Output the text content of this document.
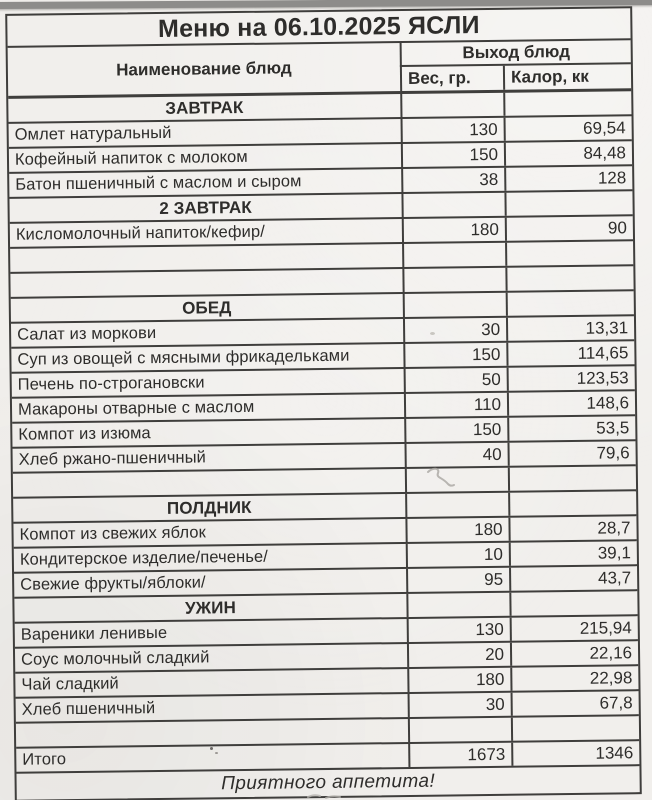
Меню на 06.10.2025 ЯСЛИ
Наименование блюд
Выход блюд
Вес, гр.	Калор, кк
ЗАВТРАК
Омлет натуральный	130	69,54
Кофейный напиток с молоком	150	84,48
Батон пшеничный с маслом и сыром	38	128
2 ЗАВТРАК
Кисломолочный напиток/кефир/	180	90
ОБЕД
Салат из моркови	30	13,31
Суп из овощей с мясными фрикадельками	150	114,65
Печень по-строгановски	50	123,53
Макароны отварные с маслом	110	148,6
Компот из изюма	150	53,5
Хлеб ржано-пшеничный	40	79,6
ПОЛДНИК
Компот из свежих яблок	180	28,7
Кондитерское изделие/печенье/	10	39,1
Свежие фрукты/яблоки/	95	43,7
УЖИН
Вареники ленивые	130	215,94
Соус молочный сладкий	20	22,16
Чай сладкий	180	22,98
Хлеб пшеничный	30	67,8
Итого	1673	1346
Приятного аппетита!
